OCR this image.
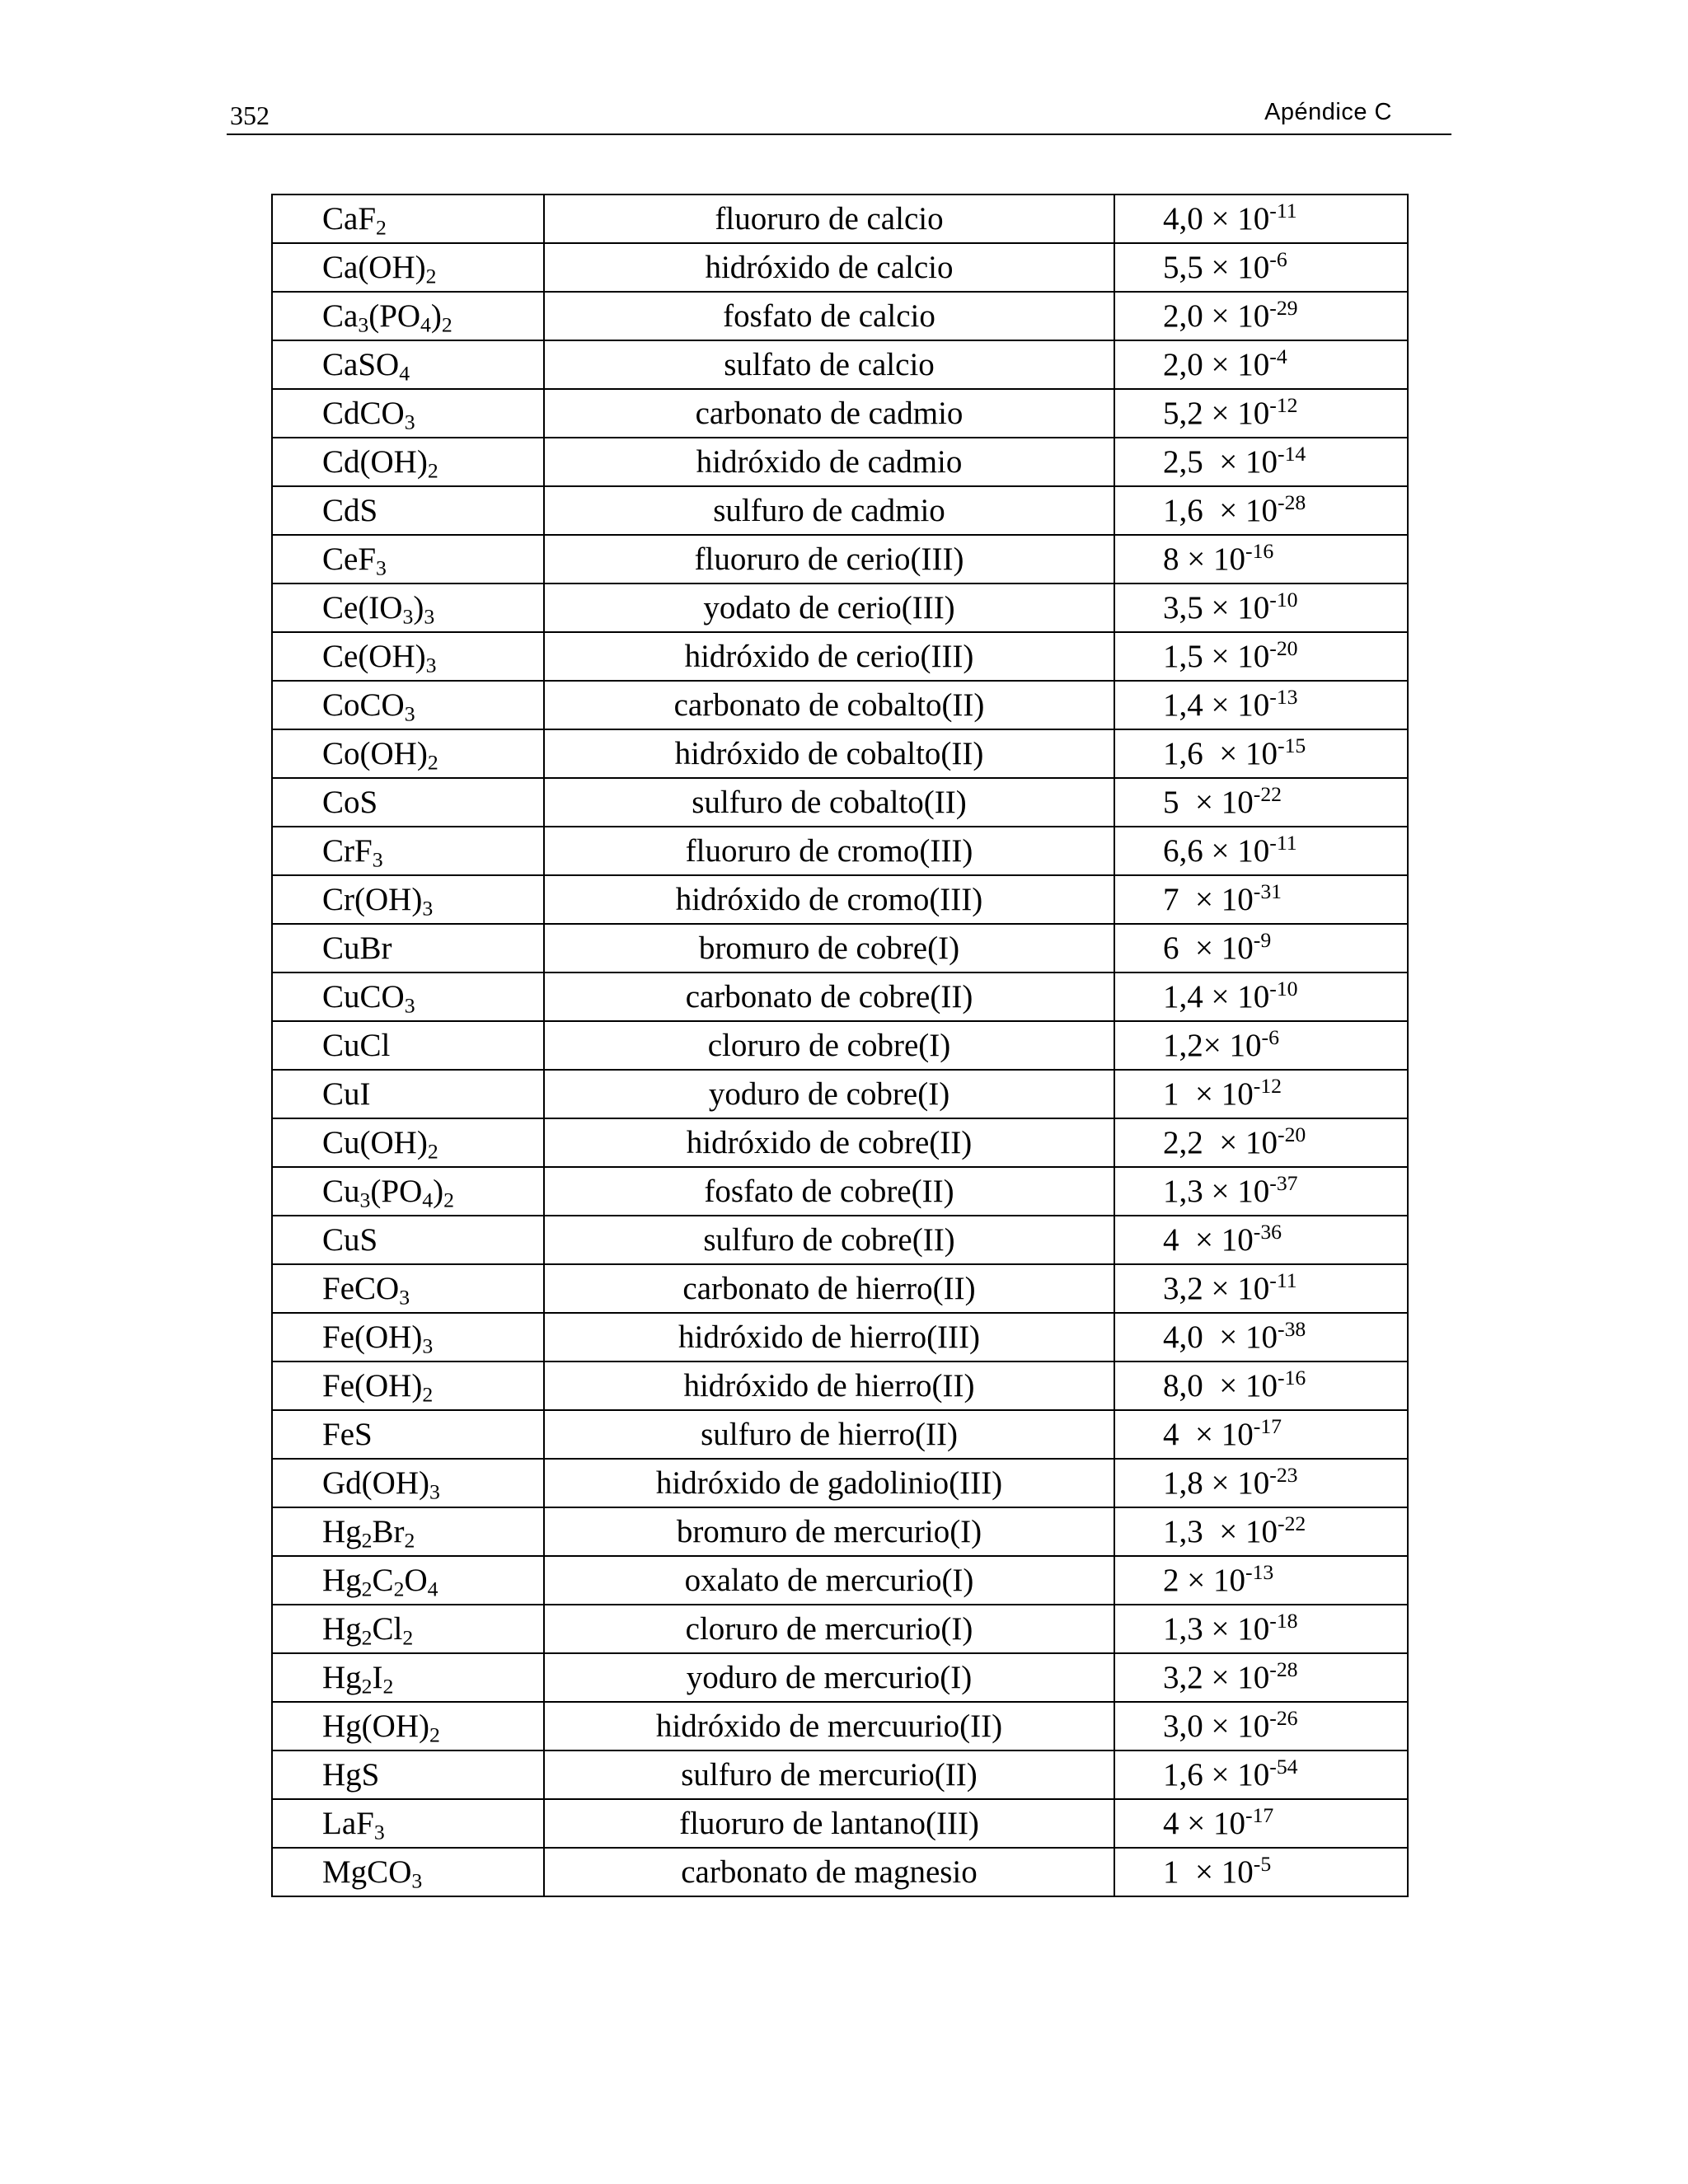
352	Apéndice C
CaF$_2$	fluoruro de calcio	$4,0 \times 10^{-11}$
$Ca(OH)_2$	hidróxido de calcio	$5,5 \times 10^{-6}$
$Ca_3(PO_4)_2$	fosfato de calcio	$2,0 \times 10^{-29}$
CaSO$_4$	sulfato de calcio	$2,0 \times 10^{-4}$
CdCO$_3$	carbonato de cadmio	$5,2 \times 10^{-12}$
$Cd(OH)_2$	hidróxido de cadmio	$2,5 \times 10^{-14}$
CdS	sulfuro de cadmio	$1,6 \times 10^{-28}$
CeF$_3$	fluoruro de cerio(III)	$8 \times 10^{-16}$
$Ce(IO_3)_3$	yodato de cerio(III)	$3,5 \times 10^{-10}$
$Ce(OH)_3$	hidróxido de cerio(III)	$1,5 \times 10^{-20}$
CoCO$_3$	carbonato de cobalto(II)	$1,4 \times 10^{-13}$
$Co(OH)_2$	hidróxido de cobalto(II)	$1,6 \times 10^{-15}$
CoS	sulfuro de cobalto(II)	$5 \times 10^{-22}$
CrF$_3$	fluoruro de cromo(III)	$6,6 \times 10^{-11}$
$Cr(OH)_3$	hidróxido de cromo(III)	$7 \times 10^{-31}$
CuBr	bromuro de cobre(I)	$6 \times 10^{-9}$
CuCO$_3$	carbonato de cobre(II)	$1,4 \times 10^{-10}$
CuCl	cloruro de cobre(I)	$1,2\times 10^{-6}$
CuI	yoduro de cobre(I)	$1 \times 10^{-12}$
$Cu(OH)_2$	hidróxido de cobre(II)	$2,2 \times 10^{-20}$
$Cu_3(PO_4)_2$	fosfato de cobre(II)	$1,3 \times 10^{-37}$
CuS	sulfuro de cobre(II)	$4 \times 10^{-36}$
FeCO$_3$	carbonato de hierro(II)	$3,2 \times 10^{-11}$
$Fe(OH)_3$	hidróxido de hierro(III)	$4,0 \times 10^{-38}$
$Fe(OH)_2$	hidróxido de hierro(II)	$8,0 \times 10^{-16}$
FeS	sulfuro de hierro(II)	$4 \times 10^{-17}$
$Gd(OH)_3$	hidróxido de gadolinio(III)	$1,8 \times 10^{-23}$
$Hg_2Br_2$	bromuro de mercurio(I)	$1,3 \times 10^{-22}$
$Hg_2C_2O_4$	oxalato de mercurio(I)	$2 \times 10^{-13}$
$Hg_2Cl_2$	cloruro de mercurio(I)	$1,3 \times 10^{-18}$
$Hg_2I_2$	yoduro de mercurio(I)	$3,2 \times 10^{-28}$
$Hg(OH)_2$	hidróxido de mercuurio(II)	$3,0 \times 10^{-26}$
HgS	sulfuro de mercurio(II)	$1,6 \times 10^{-54}$
LaF$_3$	fluoruro de lantano(III)	$4 \times 10^{-17}$
MgCO$_3$	carbonato de magnesio	$1 \times 10^{-5}$
